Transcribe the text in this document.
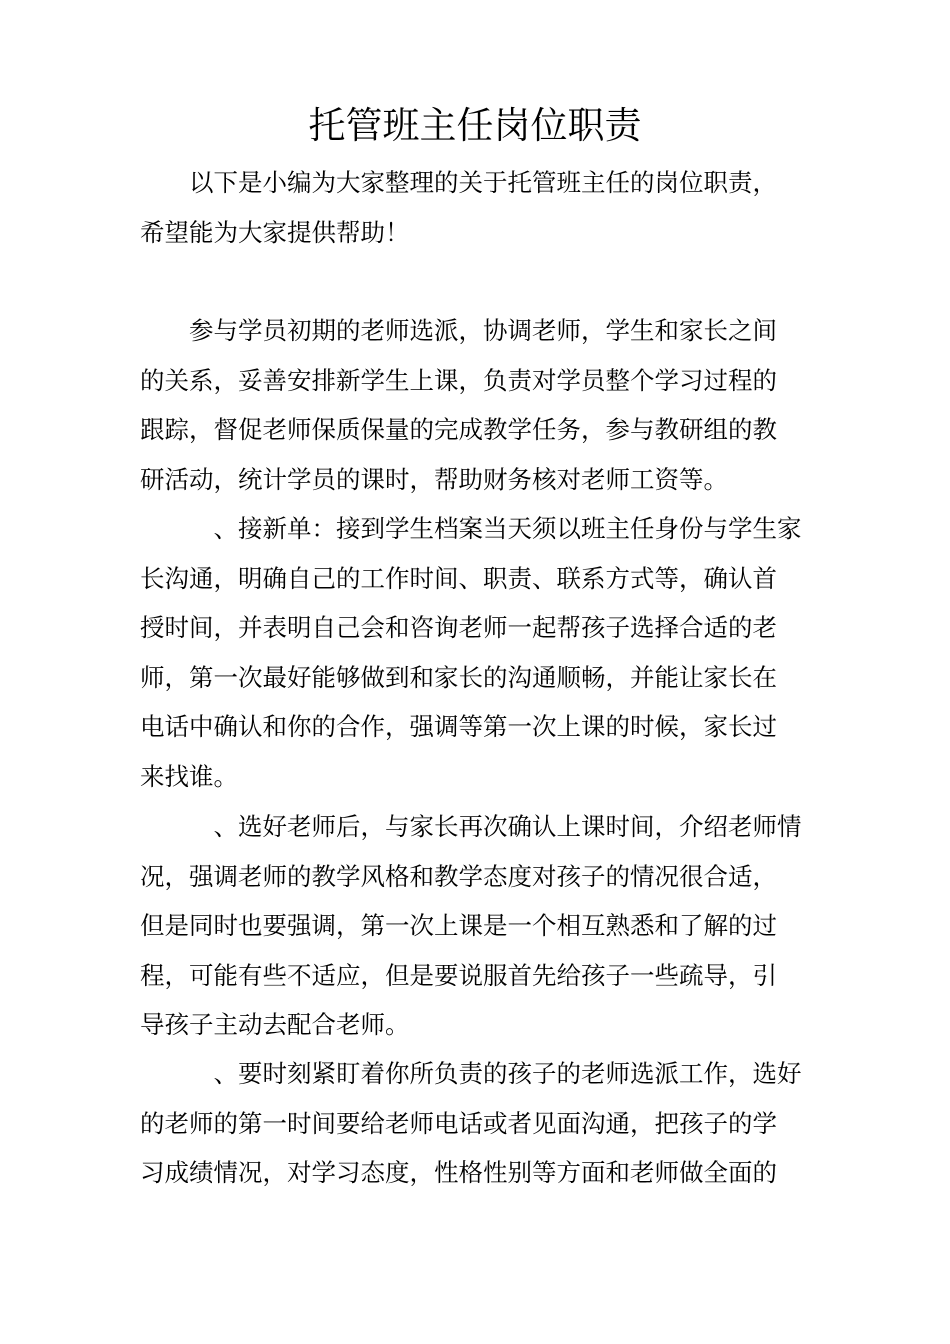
托管班主任岗位职责

　　以下是小编为大家整理的关于托管班主任的岗位职责，
希望能为大家提供帮助！

　　参与学员初期的老师选派，协调老师，学生和家长之间
的关系，妥善安排新学生上课，负责对学员整个学习过程的
跟踪，督促老师保质保量的完成教学任务，参与教研组的教
研活动，统计学员的课时，帮助财务核对老师工资等。

　　　、接新单：接到学生档案当天须以班主任身份与学生家
长沟通，明确自己的工作时间、职责、联系方式等，确认首
授时间，并表明自己会和咨询老师一起帮孩子选择合适的老
师，第一次最好能够做到和家长的沟通顺畅，并能让家长在
电话中确认和你的合作，强调等第一次上课的时候，家长过
来找谁。

　　　、选好老师后，与家长再次确认上课时间，介绍老师情
况，强调老师的教学风格和教学态度对孩子的情况很合适，
但是同时也要强调，第一次上课是一个相互熟悉和了解的过
程，可能有些不适应，但是要说服首先给孩子一些疏导，引
导孩子主动去配合老师。

　　　、要时刻紧盯着你所负责的孩子的老师选派工作，选好
的老师的第一时间要给老师电话或者见面沟通，把孩子的学
习成绩情况，对学习态度，性格性别等方面和老师做全面的
